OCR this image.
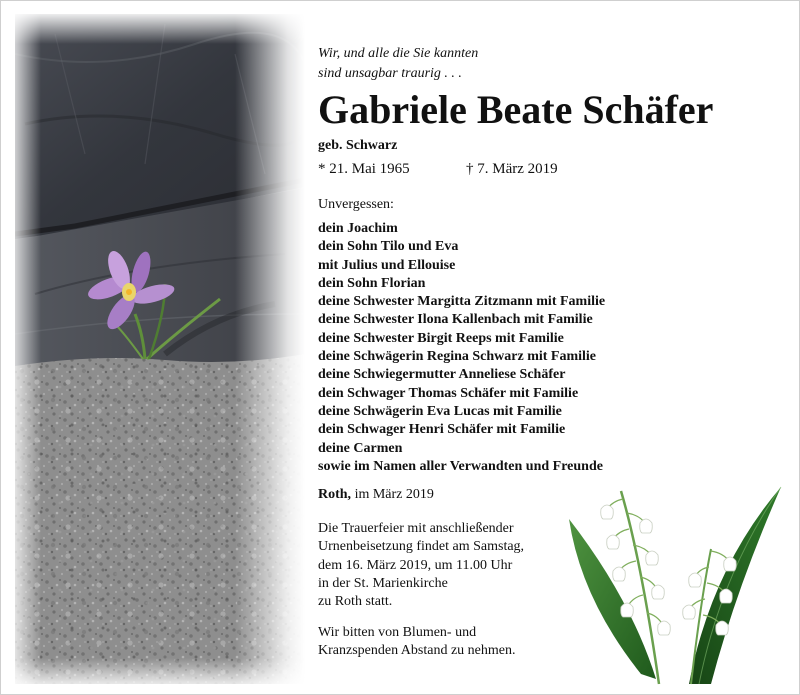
Wir, und alle die Sie kannten
sind unsagbar traurig . . .
Gabriele Beate Schäfer
geb. Schwarz
* 21. Mai 1965	† 7. März 2019
Unvergessen:
dein Joachim
dein Sohn Tilo und Eva
mit Julius und Ellouise
dein Sohn Florian
deine Schwester Margitta Zitzmann mit Familie
deine Schwester Ilona Kallenbach mit Familie
deine Schwester Birgit Reeps mit Familie
deine Schwägerin Regina Schwarz mit Familie
deine Schwiegermutter Anneliese Schäfer
dein Schwager Thomas Schäfer mit Familie
deine Schwägerin Eva Lucas mit Familie
dein Schwager Henri Schäfer mit Familie
deine Carmen
sowie im Namen aller Verwandten und Freunde
Roth, im März 2019
Die Trauerfeier mit anschließender
Urnenbeisetzung findet am Samstag,
dem 16. März 2019, um 11.00 Uhr
in der St. Marienkirche
zu Roth statt.
Wir bitten von Blumen- und
Kranzspenden Abstand zu nehmen.
